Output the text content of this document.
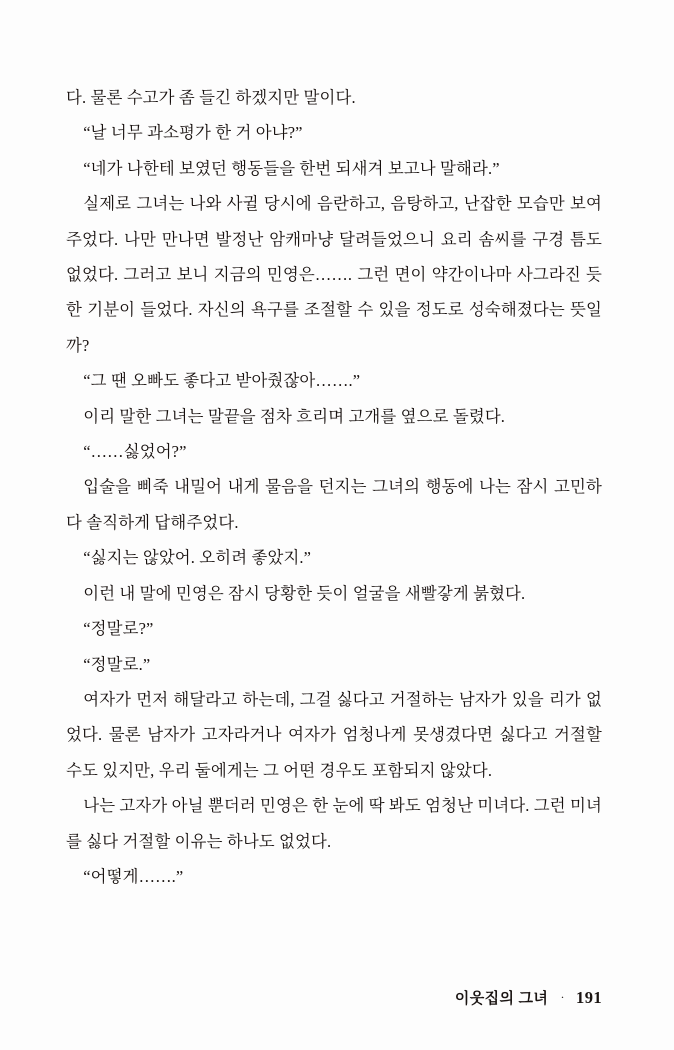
다. 물론 수고가 좀 들긴 하겠지만 말이다.

“날 너무 과소평가 한 거 아냐?”

“네가 나한테 보였던 행동들을 한번 되새겨 보고나 말해라.”

실제로 그녀는 나와 사귈 당시에 음란하고, 음탕하고, 난잡한 모습만 보여주었다. 나만 만나면 발정난 암캐마냥 달려들었으니 요리 솜씨를 구경 틈도 없었다. 그러고 보니 지금의 민영은……. 그런 면이 약간이나마 사그라진 듯한 기분이 들었다. 자신의 욕구를 조절할 수 있을 정도로 성숙해졌다는 뜻일까?

“그 땐 오빠도 좋다고 받아줬잖아…….”

이리 말한 그녀는 말끝을 점차 흐리며 고개를 옆으로 돌렸다.

“……싫었어?”

입술을 삐죽 내밀어 내게 물음을 던지는 그녀의 행동에 나는 잠시 고민하다 솔직하게 답해주었다.

“싫지는 않았어. 오히려 좋았지.”

이런 내 말에 민영은 잠시 당황한 듯이 얼굴을 새빨갛게 붉혔다.

“정말로?”

“정말로.”

여자가 먼저 해달라고 하는데, 그걸 싫다고 거절하는 남자가 있을 리가 없었다. 물론 남자가 고자라거나 여자가 엄청나게 못생겼다면 싫다고 거절할 수도 있지만, 우리 둘에게는 그 어떤 경우도 포함되지 않았다.

나는 고자가 아닐 뿐더러 민영은 한 눈에 딱 봐도 엄청난 미녀다. 그런 미녀를 싫다 거절할 이유는 하나도 없었다.

“어떻게…….”

이웃집의 그녀 · 191
